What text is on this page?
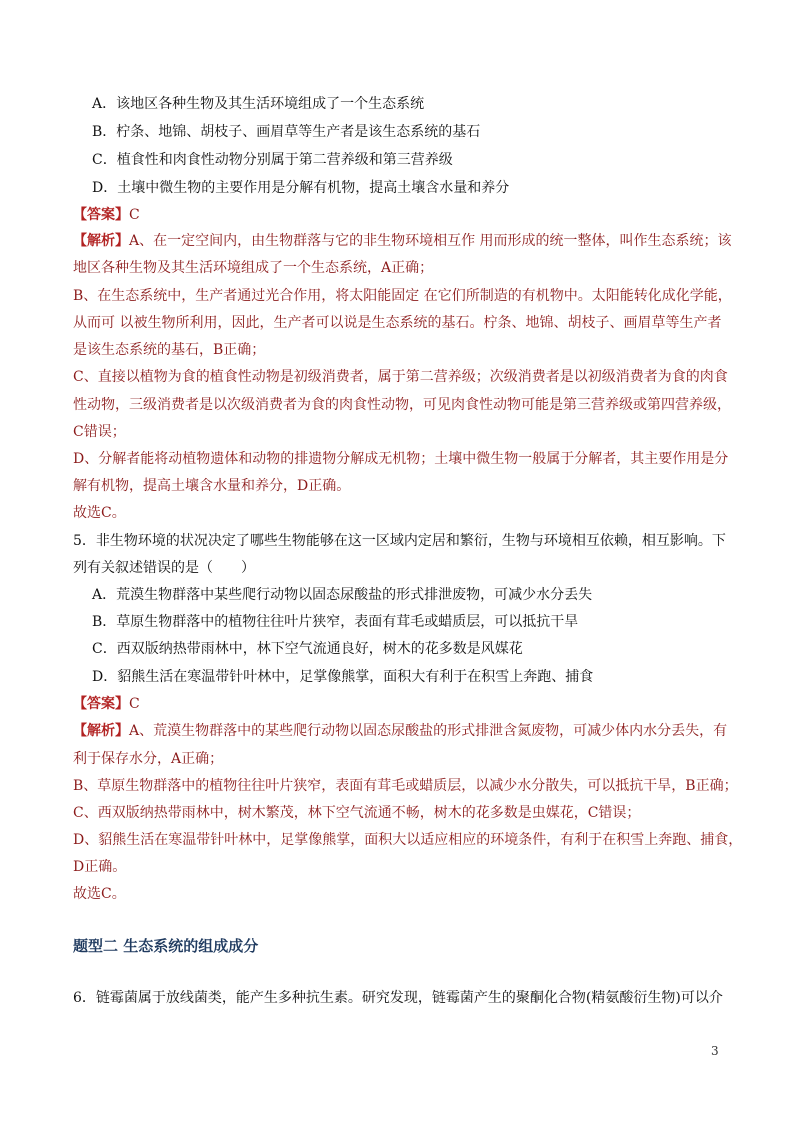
A．该地区各种生物及其生活环境组成了一个生态系统
B．柠条、地锦、胡枝子、画眉草等生产者是该生态系统的基石
C．植食性和肉食性动物分别属于第二营养级和第三营养级
D．土壤中微生物的主要作用是分解有机物，提高土壤含水量和养分
【答案】C
【解析】A、在一定空间内，由生物群落与它的非生物环境相互作 用而形成的统一整体，叫作生态系统；该
地区各种生物及其生活环境组成了一个生态系统，A正确；
B、在生态系统中，生产者通过光合作用，将太阳能固定 在它们所制造的有机物中。太阳能转化成化学能，
从而可 以被生物所利用，因此，生产者可以说是生态系统的基石。柠条、地锦、胡枝子、画眉草等生产者
是该生态系统的基石，B正确；
C、直接以植物为食的植食性动物是初级消费者，属于第二营养级；次级消费者是以初级消费者为食的肉食
性动物，三级消费者是以次级消费者为食的肉食性动物，可见肉食性动物可能是第三营养级或第四营养级，
C错误；
D、分解者能将动植物遗体和动物的排遗物分解成无机物；土壤中微生物一般属于分解者，其主要作用是分
解有机物，提高土壤含水量和养分，D正确。
故选C。
5．非生物环境的状况决定了哪些生物能够在这一区域内定居和繁衍，生物与环境相互依赖，相互影响。下
列有关叙述错误的是（　　）
A．荒漠生物群落中某些爬行动物以固态尿酸盐的形式排泄废物，可减少水分丢失
B．草原生物群落中的植物往往叶片狭窄，表面有茸毛或蜡质层，可以抵抗干旱
C．西双版纳热带雨林中，林下空气流通良好，树木的花多数是风媒花
D．貂熊生活在寒温带针叶林中，足掌像熊掌，面积大有利于在积雪上奔跑、捕食
【答案】C
【解析】A、荒漠生物群落中的某些爬行动物以固态尿酸盐的形式排泄含氮废物，可减少体内水分丢失，有
利于保存水分，A正确；
B、草原生物群落中的植物往往叶片狭窄，表面有茸毛或蜡质层，以减少水分散失，可以抵抗干旱，B正确；
C、西双版纳热带雨林中，树木繁茂，林下空气流通不畅，树木的花多数是虫媒花，C错误；
D、貂熊生活在寒温带针叶林中，足掌像熊掌，面积大以适应相应的环境条件，有利于在积雪上奔跑、捕食，
D正确。
故选C。
题型二 生态系统的组成成分
6．链霉菌属于放线菌类，能产生多种抗生素。研究发现，链霉菌产生的聚酮化合物(精氨酸衍生物)可以介
3
